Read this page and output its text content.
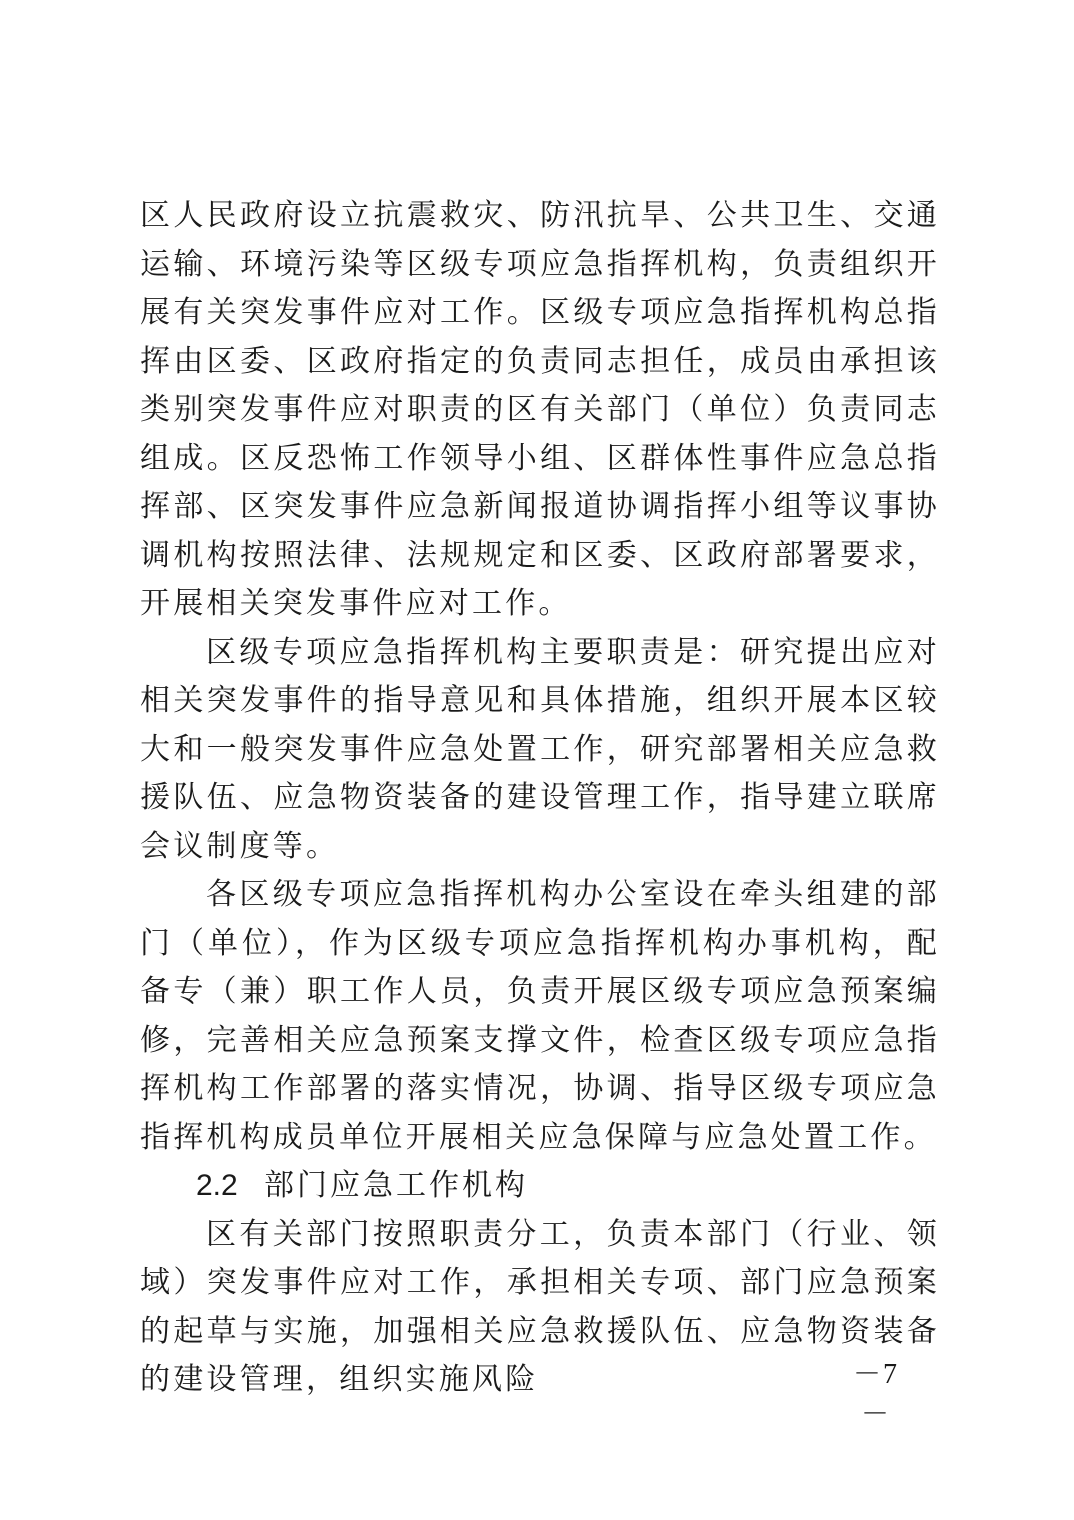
区人民政府设立抗震救灾、防汛抗旱、公共卫生、交通运输、环境污染等区级专项应急指挥机构，负责组织开展有关突发事件应对工作。区级专项应急指挥机构总指挥由区委、区政府指定的负责同志担任，成员由承担该类别突发事件应对职责的区有关部门（单位）负责同志组成。区反恐怖工作领导小组、区群体性事件应急总指挥部、区突发事件应急新闻报道协调指挥小组等议事协调机构按照法律、法规规定和区委、区政府部署要求，开展相关突发事件应对工作。

区级专项应急指挥机构主要职责是：研究提出应对相关突发事件的指导意见和具体措施，组织开展本区较大和一般突发事件应急处置工作，研究部署相关应急救援队伍、应急物资装备的建设管理工作，指导建立联席会议制度等。

各区级专项应急指挥机构办公室设在牵头组建的部门（单位），作为区级专项应急指挥机构办事机构，配备专（兼）职工作人员，负责开展区级专项应急预案编修，完善相关应急预案支撑文件，检查区级专项应急指挥机构工作部署的落实情况，协调、指导区级专项应急指挥机构成员单位开展相关应急保障与应急处置工作。

2.2 部门应急工作机构

区有关部门按照职责分工，负责本部门（行业、领域）突发事件应对工作，承担相关专项、部门应急预案的起草与实施，加强相关应急救援队伍、应急物资装备的建设管理，组织实施风险	－7－
